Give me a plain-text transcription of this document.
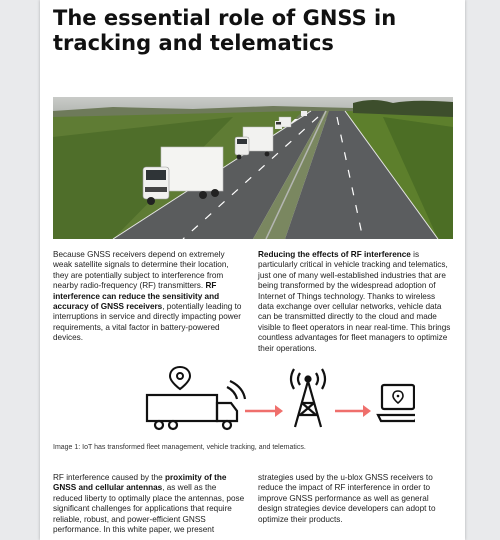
The essential role of GNSS in tracking and telematics
Because GNSS receivers depend on extremely weak satellite signals to determine their location, they are potentially subject to interference from nearby radio-frequency (RF) transmitters. RF interference can reduce the sensitivity and accuracy of GNSS receivers, potentially leading to interruptions in service and directly impacting power requirements, a vital factor in battery-powered devices.
Reducing the effects of RF interference is particularly critical in vehicle tracking and telematics, just one of many well-established industries that are being transformed by the widespread adoption of Internet of Things technology. Thanks to wireless data exchange over cellular networks, vehicle data can be transmitted directly to the cloud and made visible to fleet operators in near real-time. This brings countless advantages for fleet managers to optimize their operations.
Image 1: IoT has transformed fleet management, vehicle tracking, and telematics.
RF interference caused by the proximity of the GNSS and cellular antennas, as well as the reduced liberty to optimally place the antennas, pose significant challenges for applications that require reliable, robust, and power-efficient GNSS performance. In this white paper, we present
strategies used by the u-blox GNSS receivers to reduce the impact of RF interference in order to improve GNSS performance as well as general design strategies device developers can adopt to optimize their products.
